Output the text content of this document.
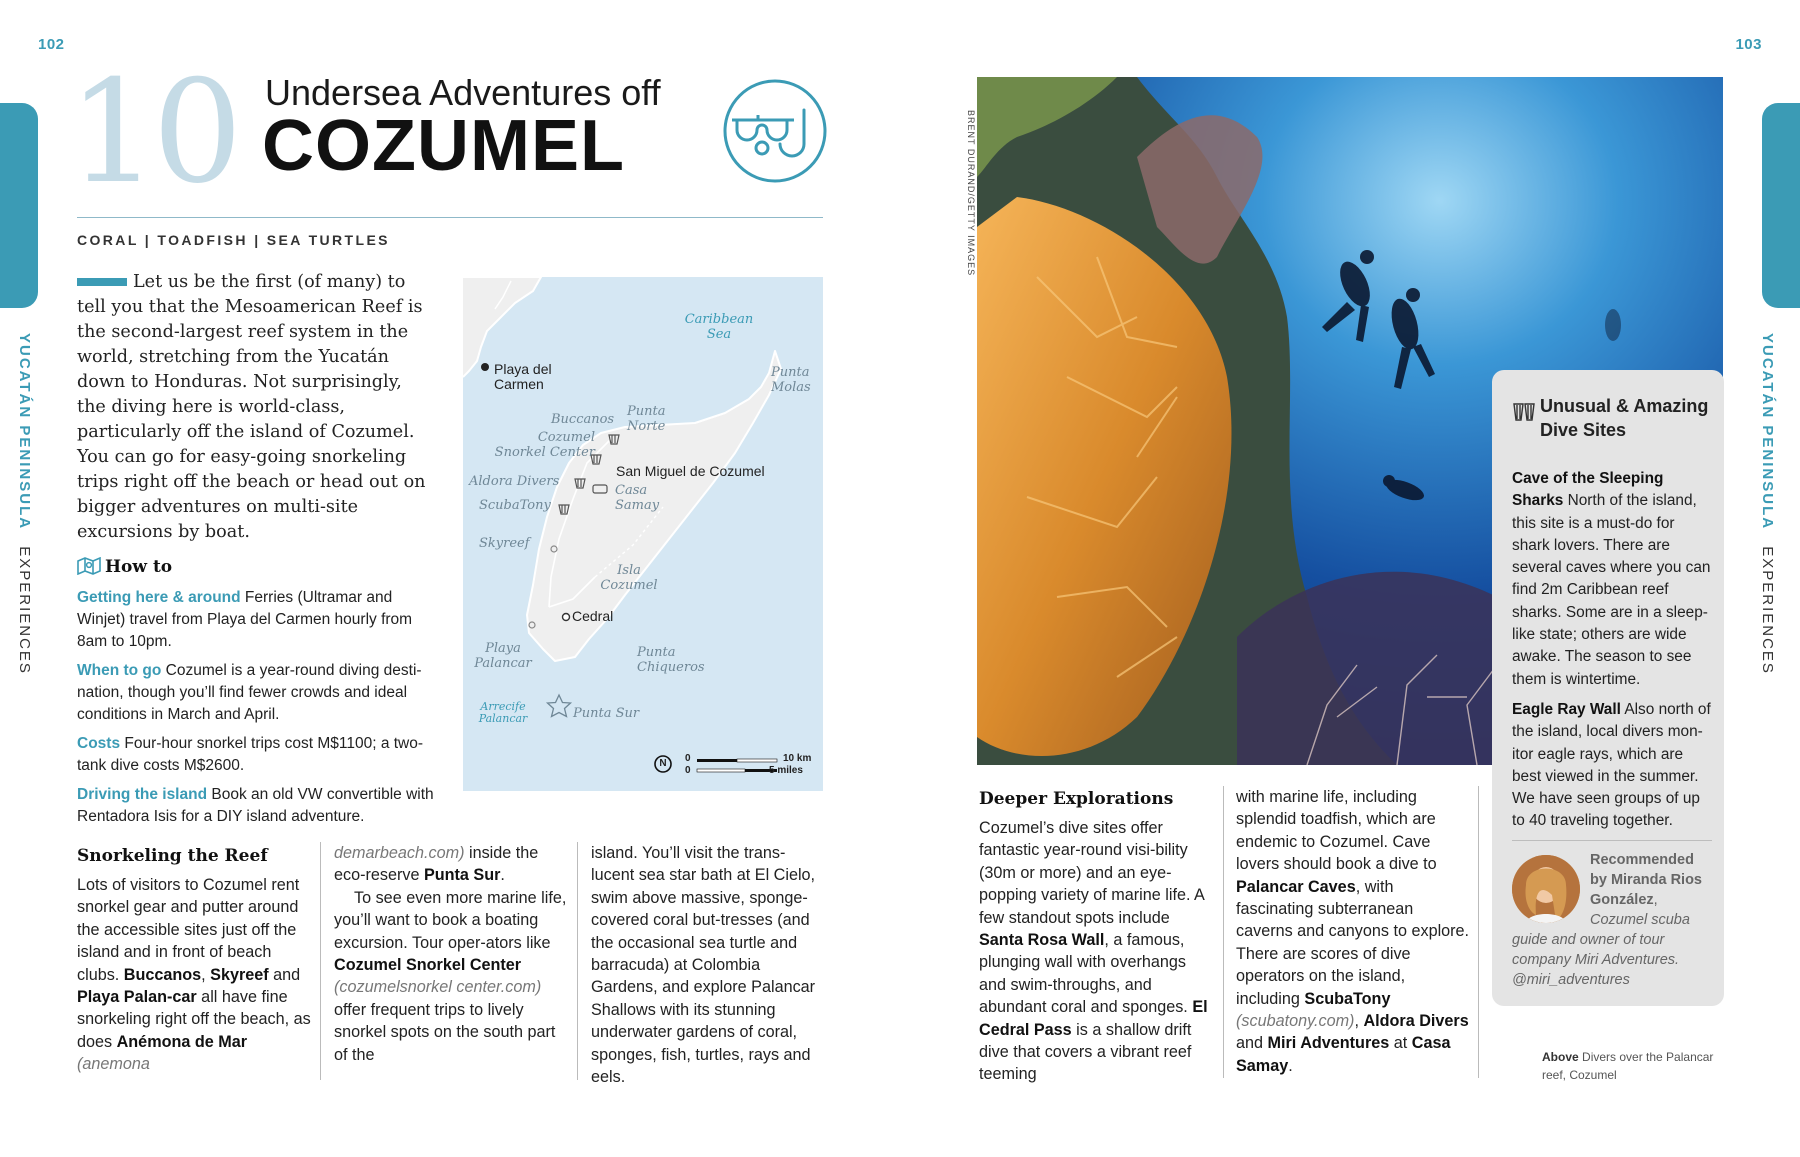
102	103
YUCATÁN PENINSULA EXPERIENCES
YUCATÁN PENINSULA EXPERIENCES
10 Undersea Adventures off
COZUMEL
CORAL | TOADFISH | SEA TURTLES
Let us be the first (of many) to tell you that the Mesoamerican Reef is the second-largest reef system in the world, stretching from the Yucatán down to Honduras. Not surprisingly, the diving here is world-class, particularly off the island of Cozumel. You can go for easy-going snorkeling trips right off the beach or head out on bigger adventures on multi-site excursions by boat.
How to
Getting here & around Ferries (Ultramar and Winjet) travel from Playa del Carmen hourly from 8am to 10pm.
When to go Cozumel is a year-round diving desti-nation, though you’ll find fewer crowds and ideal conditions in March and April.
Costs Four-hour snorkel trips cost M$1100; a two-tank dive costs M$2600.
Driving the island Book an old VW convertible with Rentadora Isis for a DIY island adventure.
Caribbean Sea
Playa del Carmen
Punta Molas
Buccanos
Punta Norte
Cozumel Snorkel Center
San Miguel de Cozumel
Aldora Divers
Casa Samay
ScubaTony
Skyreef
Isla Cozumel
Cedral
Playa Palancar
Punta Chiqueros
Arrecife Palancar	Punta Sur
N 0
0
10 km
5 miles
Snorkeling the Reef
Lots of visitors to Cozumel rent snorkel gear and putter around the accessible sites just off the island and in front of beach clubs. Buccanos, Skyreef and Playa Palan-car all have fine snorkeling right off the beach, as does Anémona de Mar (anemona
demarbeach.com) inside the eco-reserve Punta Sur.
To see even more marine life, you’ll want to book a boating excursion. Tour oper-ators like Cozumel Snorkel Center (cozumelsnorkel center.com) offer frequent trips to lively snorkel spots on the south part of the
island. You’ll visit the trans-lucent sea star bath at El Cielo, swim above massive, sponge-covered coral but-tresses (and the occasional sea turtle and barracuda) at Colombia Gardens, and explore Palancar Shallows with its stunning underwater gardens of coral, sponges, fish, turtles, rays and eels.
BRENT DURAND/GETTY IMAGES
Deeper Explorations
Cozumel’s dive sites offer fantastic year-round visi-bility (30m or more) and an eye-popping variety of marine life. A few standout spots include Santa Rosa Wall, a famous, plunging wall with overhangs and swim-throughs, and abundant coral and sponges. El Cedral Pass is a shallow drift dive that covers a vibrant reef teeming
with marine life, including splendid toadfish, which are endemic to Cozumel. Cave lovers should book a dive to Palancar Caves, with fascinating subterranean caverns and canyons to explore. There are scores of dive operators on the island, including ScubaTony (scubatony.com), Aldora Divers and Miri Adventures at Casa Samay.
Unusual & Amazing Dive Sites
Cave of the Sleeping Sharks North of the island, this site is a must-do for shark lovers. There are several caves where you can find 2m Caribbean reef sharks. Some are in a sleep-like state; others are wide awake. The season to see them is wintertime.
Eagle Ray Wall Also north of the island, local divers mon-itor eagle rays, which are best viewed in the summer. We have seen groups of up to 40 traveling together.
Recommended by Miranda Rios González, Cozumel scuba guide and owner of tour company Miri Adventures. @miri_adventures
Above Divers over the Palancar reef, Cozumel
